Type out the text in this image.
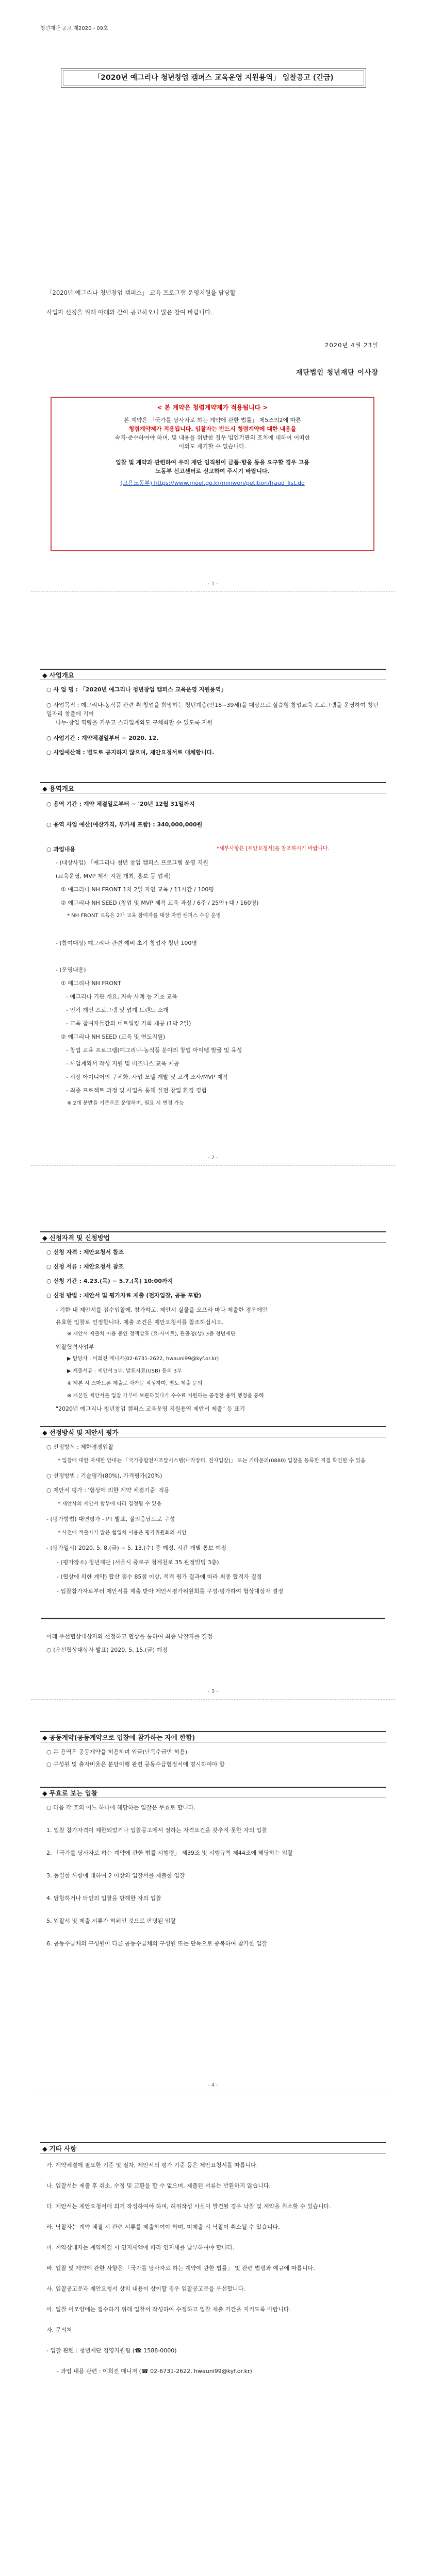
청년재단 공고 제2020 - 09호
「2020년 예그리나 청년창업 캠퍼스 교육운영 지원용역」 입찰공고 (긴급)
「2020년 예그리나 청년창업 캠퍼스」 교육 프로그램 운영지원을 담당할
사업자 선정을 위해 아래와 같이 공고하오니 많은 참여 바랍니다.
2020년 4월 23일
재단법인 청년재단 이사장
< 본 계약은 청렴계약제가 적용됩니다 >
본 계약은 「국가를 당사자로 하는 계약에 관한 법률」 제5조의2에 따른
청렴계약제가 적용됩니다. 입찰자는 반드시 청렴계약에 대한 내용을
숙지·준수하여야 하며, 및 내용을 위반한 경우 법인기관의 조치에 대하여 어떠한
이의도 제기할 수 없습니다.
입찰 및 계약과 관련하여 우리 재단 임직원이 금품·향응 등을 요구할 경우 고용
노동부 신고센터로 신고하여 주시기 바랍니다.
(고용노동부) https://www.moel.go.kr/minwon/petition/fraud_list.do
- 1 -
◆ 사업개요
○ 사 업 명 : 「2020년 예그리나 청년창업 캠퍼스 교육운영 지원용역」
○ 사업목적 : 예그리나-농식품 관련 취·창업을 희망하는 청년계층(만18~39세)을 대상으로 실습형 창업교육 프로그램을 운영하여 청년 일자리 창출에 기여
나누·창업 역량을 키우고 스타업계와도 구체화할 수 있도록 지원
○ 사업기간 : 계약체결일부터 ~ 2020. 12.
○ 사업예산액 : 별도로 공지하지 않으며, 제안요청서로 대체합니다.
◆ 용역개요
○ 용역 기간 : 계약 체결일로부터 ~ '20년 12월 31일까지
○ 용역 사업 예산(예산가격, 부가세 포함) : 340,000,000원
○ 과업내용	*세부사항은 [제안요청서]를 참조하시기 바랍니다.
- (대상사업) 「예그리나 청년 창업 캠퍼스 프로그램 운영 지원
(교육운영, MVP 제작 지원 개최, 홍보 등 업체)
① 예그리나 NH FRONT 1차 2일 자연 교육 / 11시간 / 100명
② 예그리나 NH SEED (창업 및 MVP 제작 교육 과정 / 6주 / 25인+대 / 160명)
* NH FRONT 교육은 2개 교육 참여자를 대상 자연 캠퍼스 수강 운영
- (참여대상) 예그리나 관련 예비·초기 창업자 청년 100명
- (운영내용)
① 예그리나 NH FRONT
- 예그리나 기관 개요, 지속 사례 등 기초 교육
- 인기 개인 프로그램 및 업계 트렌드 소개
- 교육 참여자들간의 네트워킹 기회 제공 (1박 2일)
② 예그리나 NH SEED (교육 및 연도지원)
- 창업 교육 프로그램(예그리나-농식품 분야의 창업 아이템 발굴 및 육성
- 사업계획서 작성 지원 및 비즈니스 교육 제공
- 시장 아이디어의 구체화, 사업 모델 개발 및 고객 조사/MVP 제작
- 최종 프로젝트 과정 및 사업을 통해 실전 창업 환경 경험
※ 2개 분반을 기준으로 운영하며, 필요 시 변경 가능
- 2 -
◆ 신청자격 및 신청방법
○ 신청 자격 : 제안요청서 참조
○ 신청 서류 : 제안요청서 참조
○ 신청 기간 : 4.23.(목) ~ 5.7.(목) 10:00까지
○ 신청 방법 : 제안서 및 평가자료 제출 (전자입찰, 공동 포함)
- 기한 내 제안서를 접수입찰에, 참가하고, 제안서 실물을 오프라 마다 제출한 경우에만
유효한 입찰로 인정합니다. 제출 조건은 제안요청서를 참조하십시오.
※ 제안서 제출처 이용 중인 정액발표 (요-사이트), 관공청(상) 3층 청년재단
입찰협력사업부
▶ 담당자 : 이희진 매니저(02-6731-2622, hwauni99@kyf.or.kr)
▶ 제출서류 : 제안서 5부, 발표자료(USB) 등의 3부
※ 제본 시 스마트폰 제출로 사가문 작성하며, 별도 제출 문의
※ 제본된 제안서를 입찰 가부에 보관하였다가 수수료 지원하는 공정한 용역 행정을 통해
"2020년 예그리나 청년창업 캠퍼스 교육운영 지원용역 제안서 제출" 등 표기
◆ 선정방식 및 제안서 평가
○ 선정방식 : 제한경쟁입찰
* 입찰에 대한 자세한 안내는 「국가종합전자조달시스템(나라장터, 전자입찰)」 또는 기타문의(0880) 입찰을 등록한 직접 확인할 수 있음
○ 선정방법 : 기술평가(80%), 가격평가(20%)
○ 제안서 평가 : '협상에 의한 계약 체결기준' 적용
* 제안사의 제안서 합부에 따라 결정됨 수 있음
- (평가방법) 대면평가 - PT 발표, 질의응답으로 구성
* 사전에 적출자가 많은 협업처 이용은 평가위원회의 지인
- (평가일시) 2020. 5. 8.(금) ~ 5. 13.(수) 중 예정, 시간 개별 통보 예정
- (평가장소) 청년재단 (서울시 중로구 청계천로 35 관정빌딩 3층)
- (협상에 의한 계약) 합산 점수 85점 이상, 적격 평가 결과에 따라 최종 합격자 결정
- 입찰참가자로부터 제안서를 제출 받아 제안서평가위원회를 구성·평가하여 협상대상자 결정
아래 우선협상대상자와 선정하고 협상을 통하여 최종 낙찰자를 결정
○ (우선협상대상자 발표) 2020. 5. 15.(금) 예정
- 3 -
◆ 공동계약(공동계약으로 입찰에 참가하는 자에 한함)
○ 본 용역은 공동계약을 허용하며 입금(단독수급만 허용).
○ 구성원 및 출자비율은 분담이행 관련 공동수급협정서에 명시하여야 함
◆ 무효로 보는 입찰
○ 다음 각 호의 어느 하나에 해당하는 입찰은 무효로 합니다.
1. 입찰 참가자격이 제한되었거나 입찰공고에서 정하는 자격요건을 갖추지 못한 자의 입찰
2. 「국가를 당사자로 하는 계약에 관한 법률 시행령」 제39조 및 시행규칙 제44조에 해당하는 입찰
3. 동일한 사항에 대하여 2 이상의 입찰서를 제출한 입찰
4. 담합하거나 타인의 입찰을 방해한 자의 입찰
5. 입찰서 및 제출 서류가 허위인 것으로 판명된 입찰
6. 공동수급체의 구성원이 다른 공동수급체의 구성원 또는 단독으로 중복하여 참가한 입찰
- 4 -
◆ 기타 사항
가. 계약체결에 필요한 기준 및 절차, 제안서의 평가 기준 등은 제안요청서를 따릅니다.
나. 입찰서는 제출 후 취소, 수정 및 교환을 할 수 없으며, 제출된 서류는 반환하지 않습니다.
다. 제안서는 제안요청서에 의거 작성하여야 하며, 허위작성 사실이 발견될 경우 낙찰 및 계약을 취소할 수 있습니다.
라. 낙찰자는 계약 체결 시 관련 서류를 제출하여야 하며, 미제출 시 낙찰이 취소될 수 있습니다.
마. 계약상대자는 계약체결 시 인지세액에 따라 인지세를 납부하여야 합니다.
바. 입찰 및 계약에 관한 사항은 「국가를 당사자로 하는 계약에 관한 법률」 및 관련 법령과 예규에 따릅니다.
사. 입찰공고문과 제안요청서 상의 내용이 상이할 경우 입찰공고문을 우선합니다.
아. 입찰 이모양에는 접수하기 위해 입찰서 작성하여 수정하고 입찰 제출 기간을 지키도록 바랍니다.
자. 문의처
- 입찰 관련 : 청년재단 경영지원팀 (☎ 1588-0000)
- 과업 내용 관련 : 이희진 매니저 (☎ 02-6731-2622, hwauni99@kyf.or.kr)
